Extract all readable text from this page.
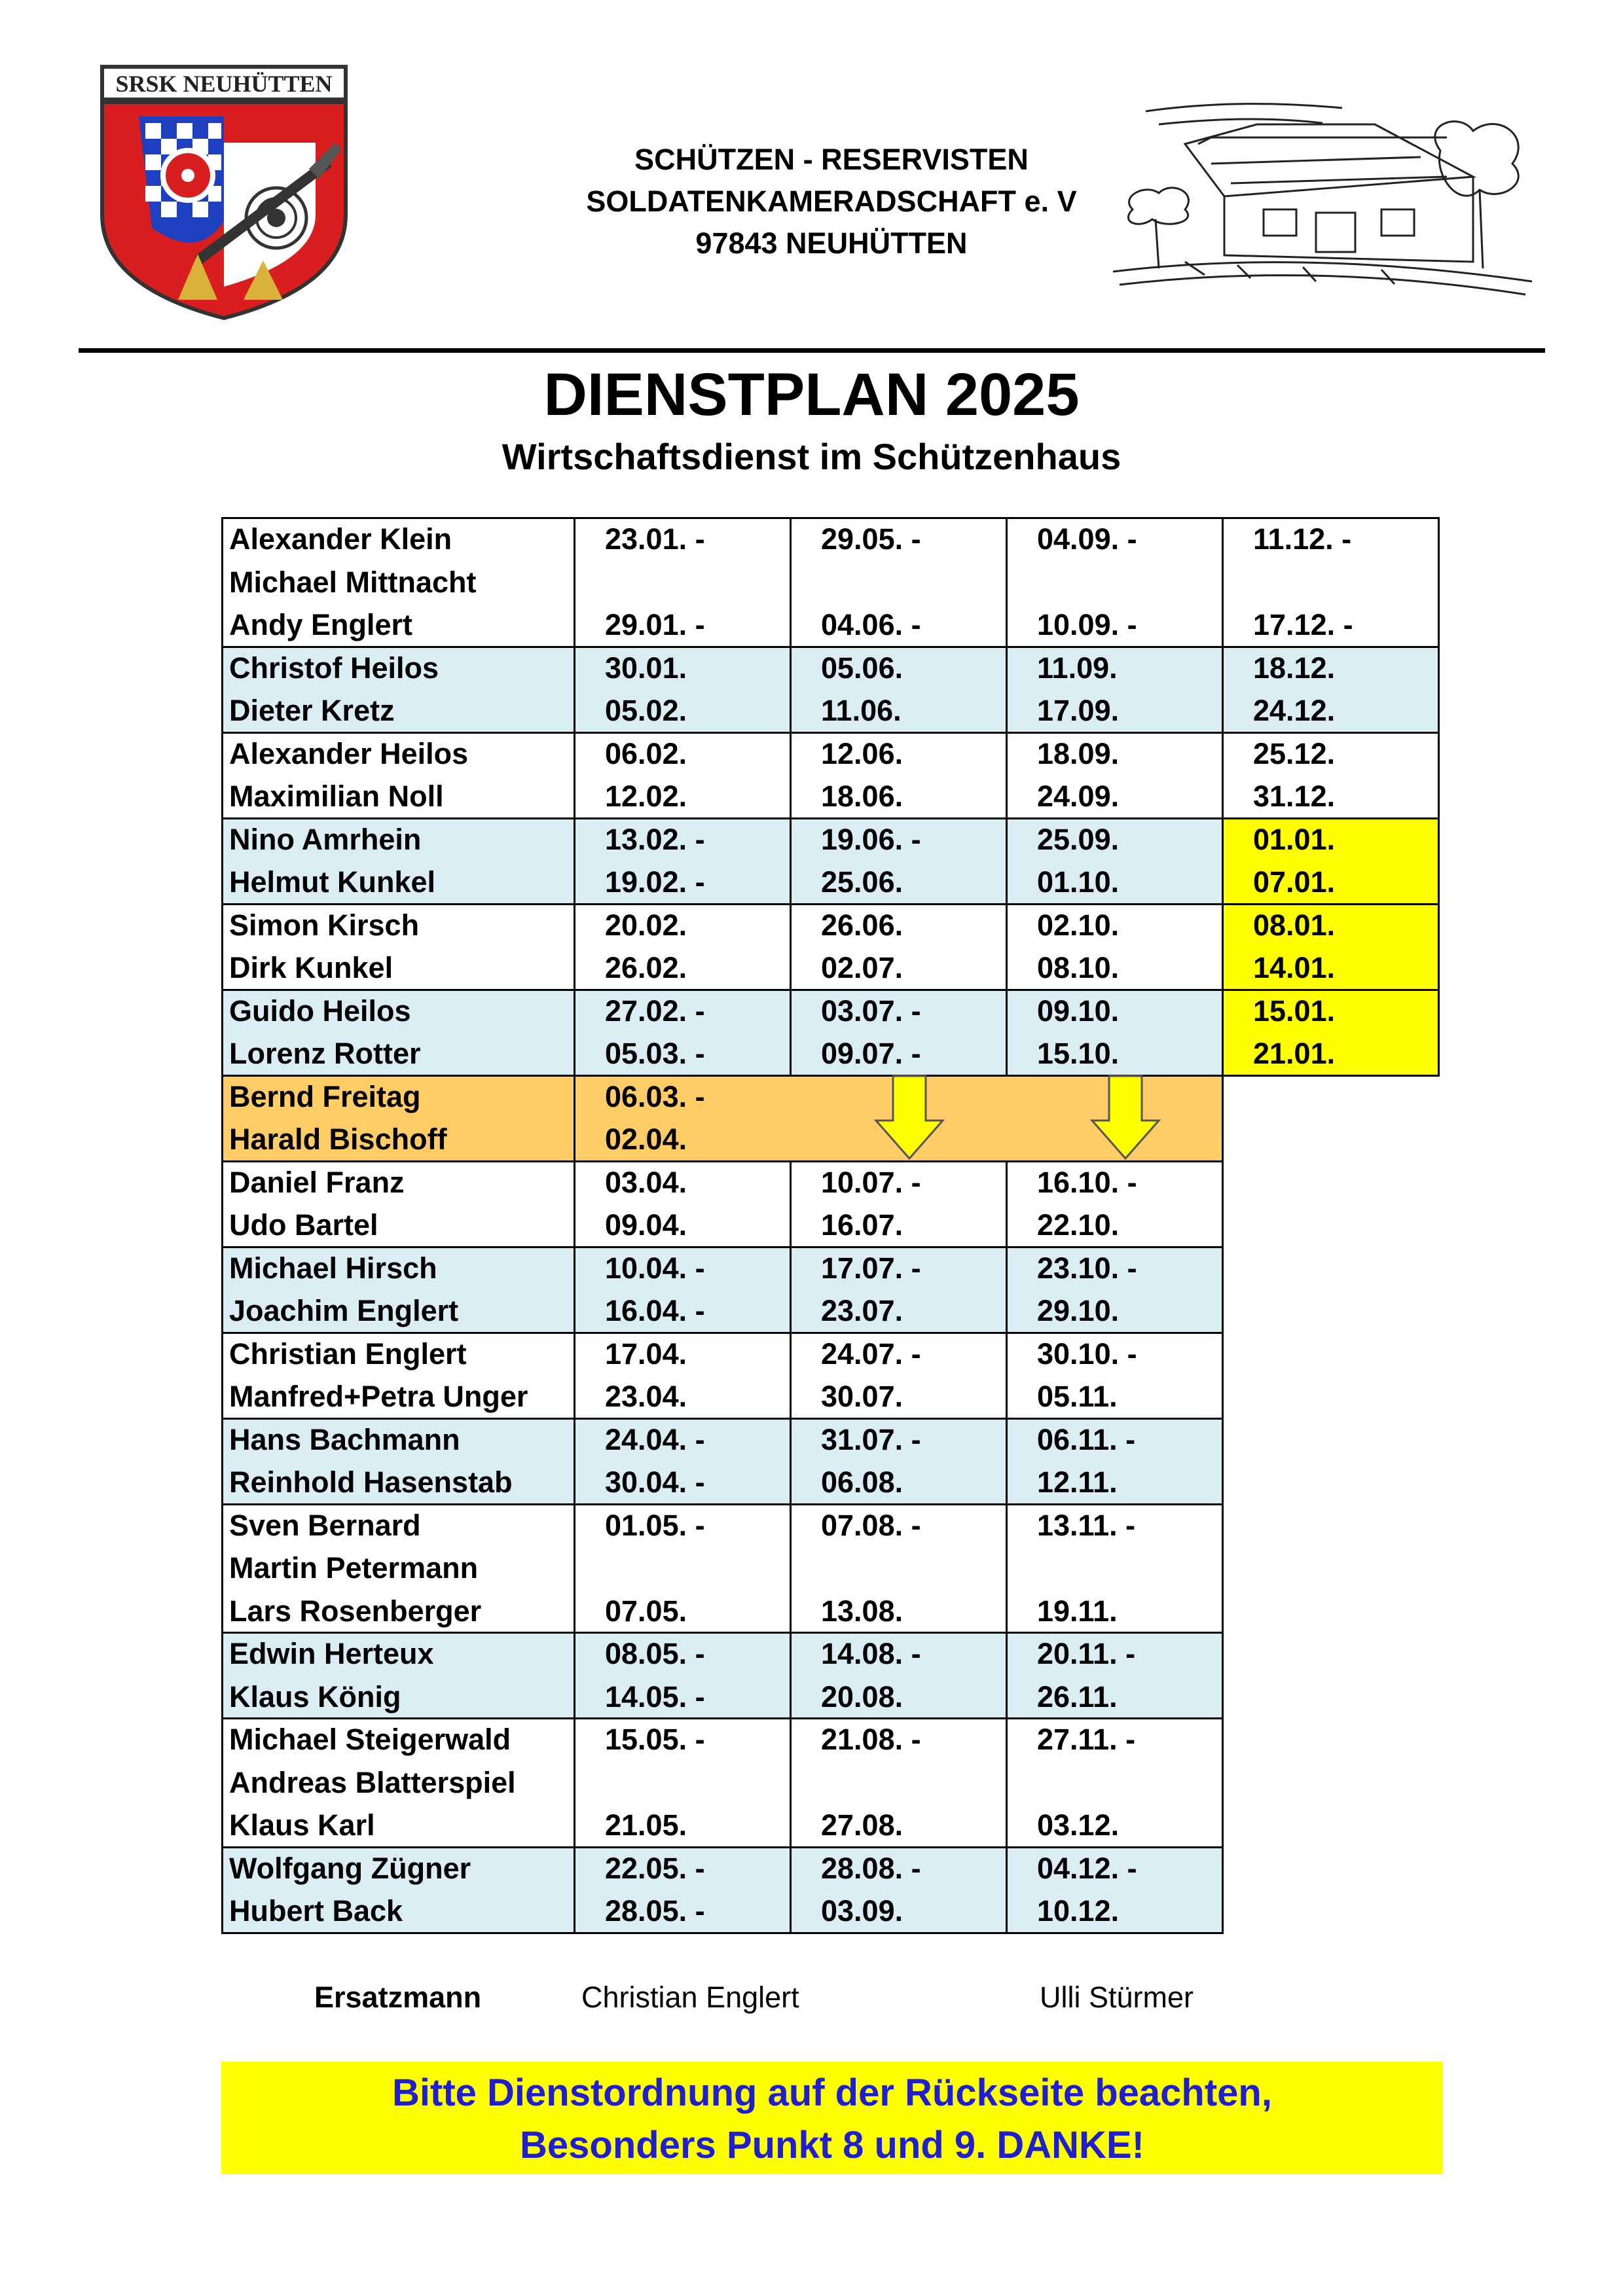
SRSK NEUHÜTTEN
SCHÜTZEN - RESERVISTEN
SOLDATENKAMERADSCHAFT e. V
97843 NEUHÜTTEN
DIENSTPLAN 2025
Wirtschaftsdienst im Schützenhaus
Alexander Klein
Michael Mittnacht
Andy Englert
23.01. -
29.01. -
29.05. -
04.06. -
04.09. -
10.09. -
11.12. -
17.12. -
Christof Heilos
Dieter Kretz
30.01.
05.02.
05.06.
11.06.
11.09.
17.09.
18.12.
24.12.
Alexander Heilos
Maximilian Noll
06.02.
12.02.
12.06.
18.06.
18.09.
24.09.
25.12.
31.12.
Nino Amrhein
Helmut Kunkel
13.02. -
19.02. -
19.06. -
25.06.
25.09.
01.10.
01.01.
07.01.
Simon Kirsch
Dirk Kunkel
20.02.
26.02.
26.06.
02.07.
02.10.
08.10.
08.01.
14.01.
Guido Heilos
Lorenz Rotter
27.02. -
05.03. -
03.07. -
09.07. -
09.10.
15.10.
15.01.
21.01.
Bernd Freitag
Harald Bischoff
06.03. -
02.04.
Daniel Franz
Udo Bartel
03.04.
09.04.
10.07. -
16.07.
16.10. -
22.10.
Michael Hirsch
Joachim Englert
10.04. -
16.04. -
17.07. -
23.07.
23.10. -
29.10.
Christian Englert
Manfred+Petra Unger
17.04.
23.04.
24.07. -
30.07.
30.10. -
05.11.
Hans Bachmann
Reinhold Hasenstab
24.04. -
30.04. -
31.07. -
06.08.
06.11. -
12.11.
Sven Bernard
Martin Petermann
Lars Rosenberger
01.05. -
07.05.
07.08. -
13.08.
13.11. -
19.11.
Edwin Herteux
Klaus König
08.05. -
14.05. -
14.08. -
20.08.
20.11. -
26.11.
Michael Steigerwald
Andreas Blatterspiel
Klaus Karl
15.05. -
21.05.
21.08. -
27.08.
27.11. -
03.12.
Wolfgang Zügner
Hubert Back
22.05. -
28.05. -
28.08. -
03.09.
04.12. -
10.12.
Ersatzmann	Christian Englert	Ulli Stürmer
Bitte Dienstordnung auf der Rückseite beachten,
Besonders Punkt 8 und 9. DANKE!
